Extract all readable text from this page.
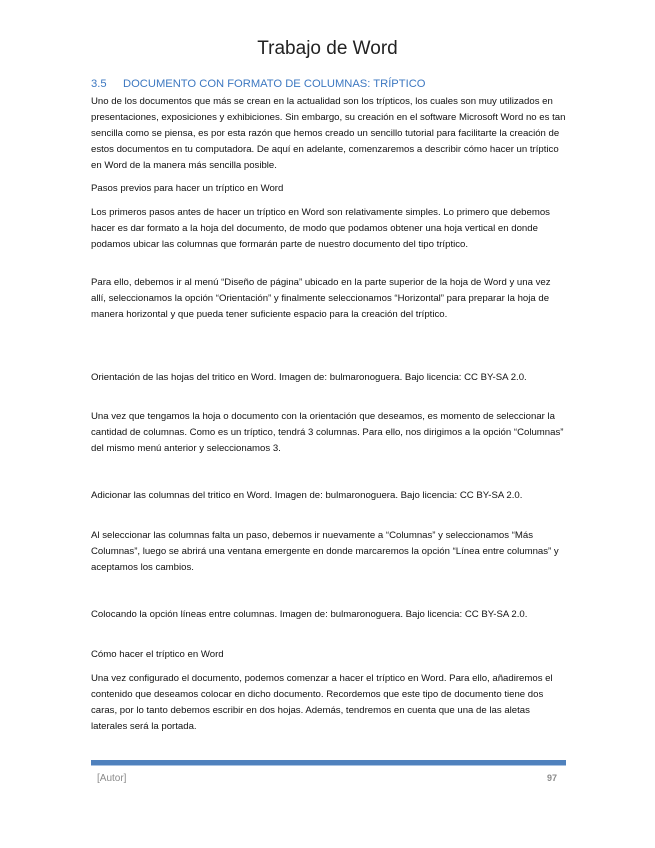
Trabajo de Word
3.5 DOCUMENTO CON FORMATO DE COLUMNAS: TRÍPTICO

Uno de los documentos que más se crean en la actualidad son los trípticos, los cuales son muy utilizados en presentaciones, exposiciones y exhibiciones. Sin embargo, su creación en el software Microsoft Word no es tan sencilla como se piensa, es por esta razón que hemos creado un sencillo tutorial para facilitarte la creación de estos documentos en tu computadora. De aquí en adelante, comenzaremos a describir cómo hacer un tríptico en Word de la manera más sencilla posible.

Pasos previos para hacer un tríptico en Word

Los primeros pasos antes de hacer un tríptico en Word son relativamente simples. Lo primero que debemos hacer es dar formato a la hoja del documento, de modo que podamos obtener una hoja vertical en donde podamos ubicar las columnas que formarán parte de nuestro documento del tipo tríptico.

Para ello, debemos ir al menú “Diseño de página” ubicado en la parte superior de la hoja de Word y una vez allí, seleccionamos la opción “Orientación” y finalmente seleccionamos “Horizontal” para preparar la hoja de manera horizontal y que pueda tener suficiente espacio para la creación del tríptico.

Orientación de las hojas del tritico en Word. Imagen de: bulmaronoguera. Bajo licencia: CC BY-SA 2.0.

Una vez que tengamos la hoja o documento con la orientación que deseamos, es momento de seleccionar la cantidad de columnas. Como es un tríptico, tendrá 3 columnas. Para ello, nos dirigimos a la opción “Columnas” del mismo menú anterior y seleccionamos 3.

Adicionar las columnas del tritico en Word. Imagen de: bulmaronoguera. Bajo licencia: CC BY-SA 2.0.

Al seleccionar las columnas falta un paso, debemos ir nuevamente a “Columnas” y seleccionamos “Más Columnas”, luego se abrirá una ventana emergente en donde marcaremos la opción “Línea entre columnas” y aceptamos los cambios.

Colocando la opción líneas entre columnas. Imagen de: bulmaronoguera. Bajo licencia: CC BY-SA 2.0.

Cómo hacer el tríptico en Word

Una vez configurado el documento, podemos comenzar a hacer el tríptico en Word. Para ello, añadiremos el contenido que deseamos colocar en dicho documento. Recordemos que este tipo de documento tiene dos caras, por lo tanto debemos escribir en dos hojas. Además, tendremos en cuenta que una de las aletas laterales será la portada.

[Autor]	97
